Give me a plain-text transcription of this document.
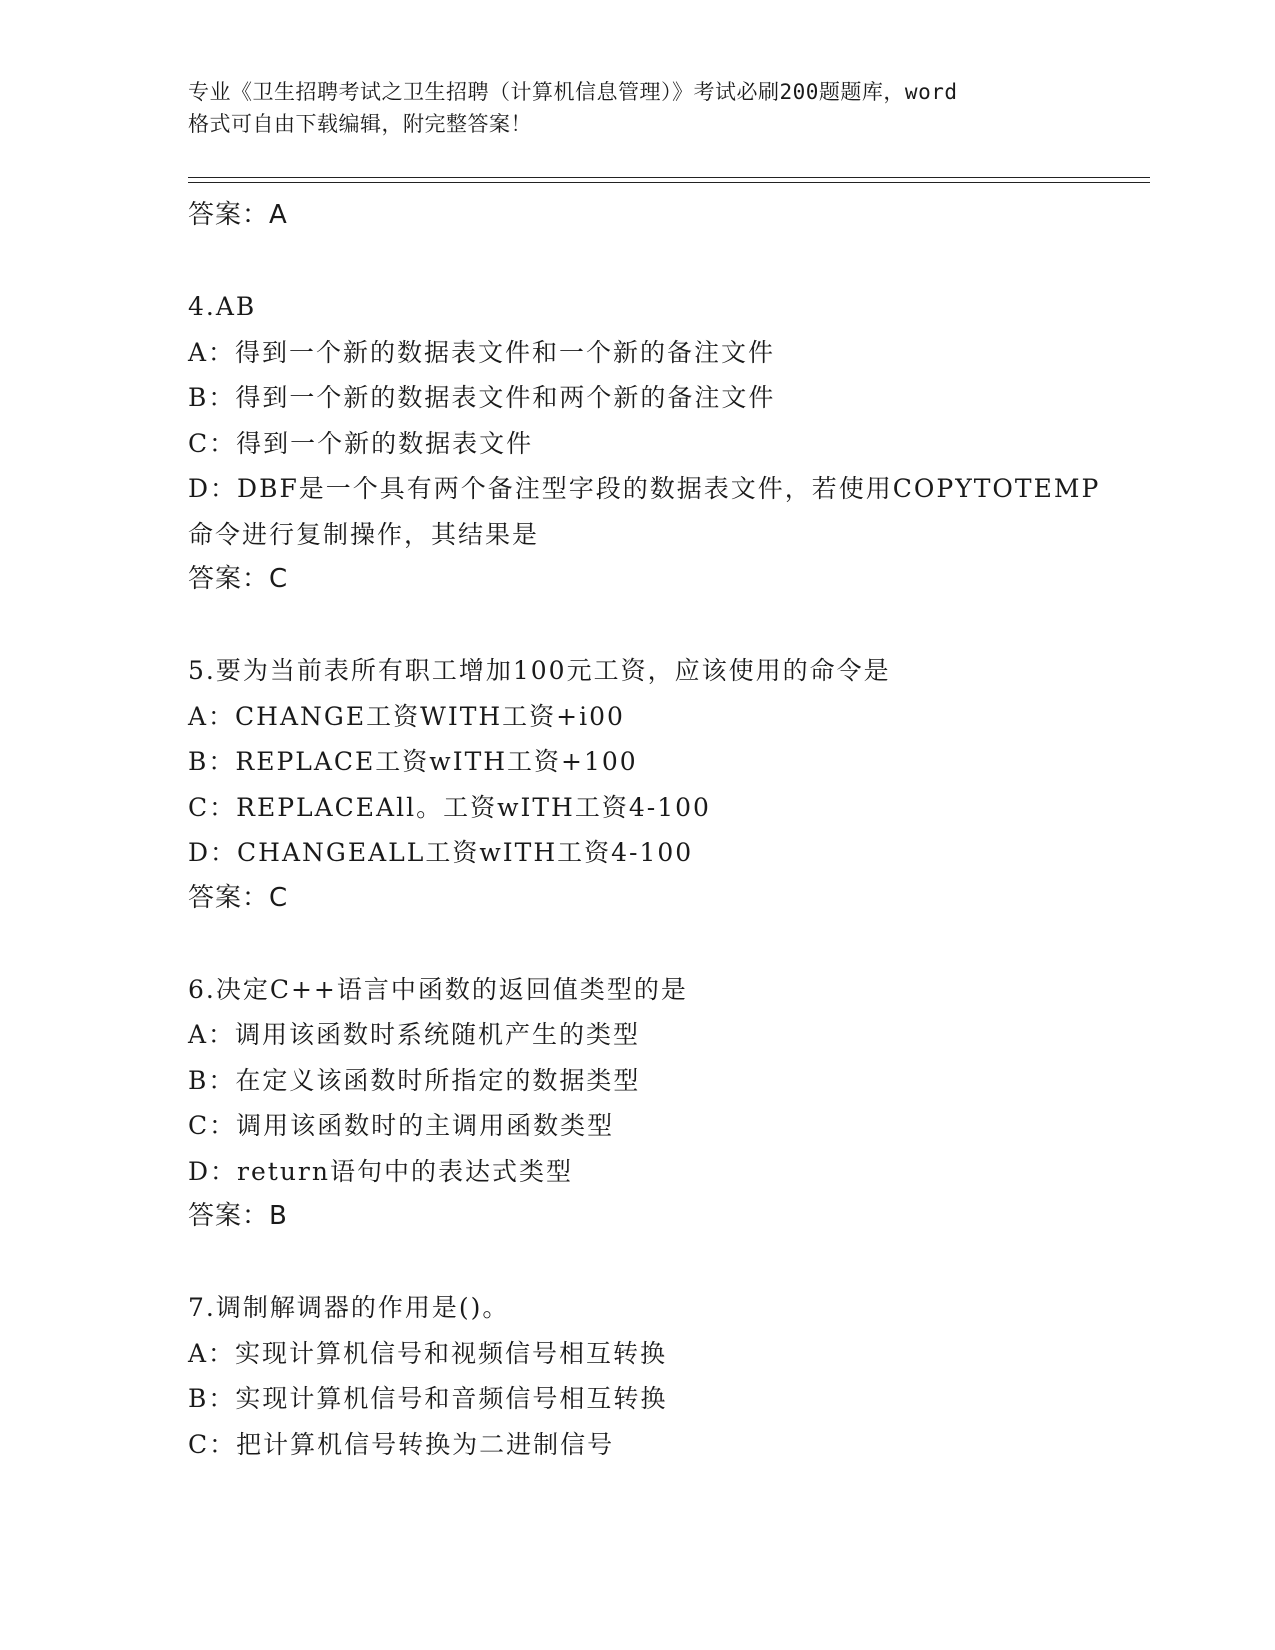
专业《卫生招聘考试之卫生招聘（计算机信息管理）》考试必刷200题题库，word
格式可自由下载编辑，附完整答案！
答案：A
4.AB
A：得到一个新的数据表文件和一个新的备注文件
B：得到一个新的数据表文件和两个新的备注文件
C：得到一个新的数据表文件
D：DBF是一个具有两个备注型字段的数据表文件，若使用COPYTOTEMP
命令进行复制操作，其结果是
答案：C
5.要为当前表所有职工增加100元工资，应该使用的命令是
A：CHANGE工资WITH工资+i00
B：REPLACE工资wITH工资+100
C：REPLACEAll。工资wITH工资4-100
D：CHANGEALL工资wITH工资4-100
答案：C
6.决定C++语言中函数的返回值类型的是
A：调用该函数时系统随机产生的类型
B：在定义该函数时所指定的数据类型
C：调用该函数时的主调用函数类型
D：return语句中的表达式类型
答案：B
7.调制解调器的作用是()。
A：实现计算机信号和视频信号相互转换
B：实现计算机信号和音频信号相互转换
C：把计算机信号转换为二进制信号
